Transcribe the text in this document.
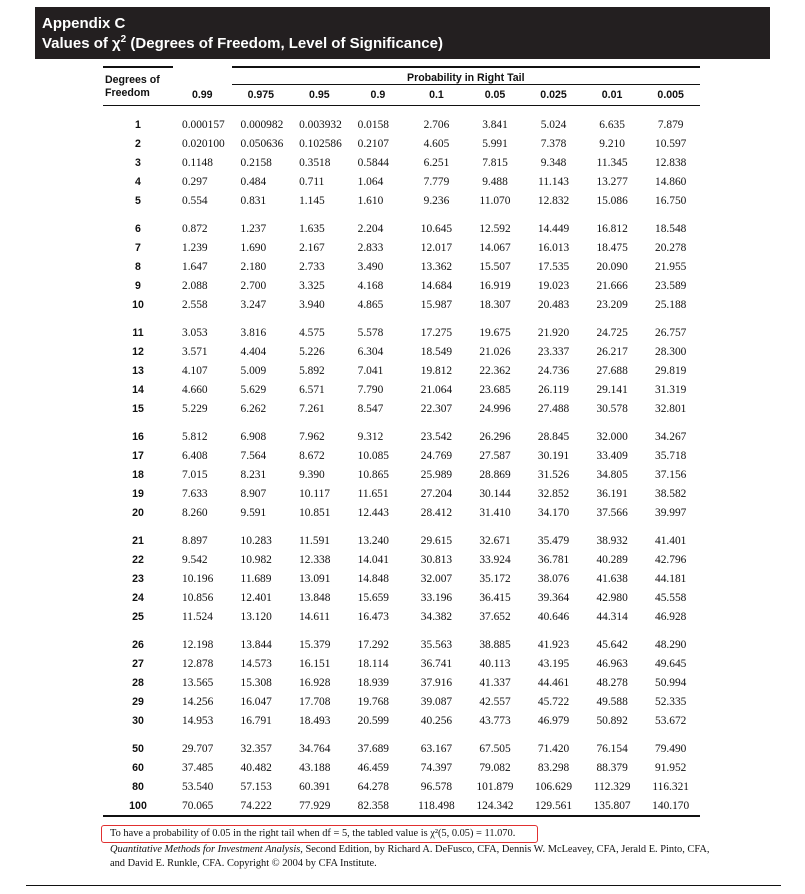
Appendix C
Values of $\chi^2$ (Degrees of Freedom, Level of Significance)
Degrees of
Freedom		Probability in Right Tail							
	0.99	0.975	0.95	0.9	0.1	0.05	0.025	0.01	0.005

1	0.000157	0.000982	0.003932	0.0158	2.706	3.841	5.024	6.635	7.879
2	0.020100	0.050636	0.102586	0.2107	4.605	5.991	7.378	9.210	10.597
3	0.1148	0.2158	0.3518	0.5844	6.251	7.815	9.348	11.345	12.838
4	0.297	0.484	0.711	1.064	7.779	9.488	11.143	13.277	14.860
5	0.554	0.831	1.145	1.610	9.236	11.070	12.832	15.086	16.750
6	0.872	1.237	1.635	2.204	10.645	12.592	14.449	16.812	18.548
7	1.239	1.690	2.167	2.833	12.017	14.067	16.013	18.475	20.278
8	1.647	2.180	2.733	3.490	13.362	15.507	17.535	20.090	21.955
9	2.088	2.700	3.325	4.168	14.684	16.919	19.023	21.666	23.589
10	2.558	3.247	3.940	4.865	15.987	18.307	20.483	23.209	25.188
11	3.053	3.816	4.575	5.578	17.275	19.675	21.920	24.725	26.757
12	3.571	4.404	5.226	6.304	18.549	21.026	23.337	26.217	28.300
13	4.107	5.009	5.892	7.041	19.812	22.362	24.736	27.688	29.819
14	4.660	5.629	6.571	7.790	21.064	23.685	26.119	29.141	31.319
15	5.229	6.262	7.261	8.547	22.307	24.996	27.488	30.578	32.801
16	5.812	6.908	7.962	9.312	23.542	26.296	28.845	32.000	34.267
17	6.408	7.564	8.672	10.085	24.769	27.587	30.191	33.409	35.718
18	7.015	8.231	9.390	10.865	25.989	28.869	31.526	34.805	37.156
19	7.633	8.907	10.117	11.651	27.204	30.144	32.852	36.191	38.582
20	8.260	9.591	10.851	12.443	28.412	31.410	34.170	37.566	39.997
21	8.897	10.283	11.591	13.240	29.615	32.671	35.479	38.932	41.401
22	9.542	10.982	12.338	14.041	30.813	33.924	36.781	40.289	42.796
23	10.196	11.689	13.091	14.848	32.007	35.172	38.076	41.638	44.181
24	10.856	12.401	13.848	15.659	33.196	36.415	39.364	42.980	45.558
25	11.524	13.120	14.611	16.473	34.382	37.652	40.646	44.314	46.928
26	12.198	13.844	15.379	17.292	35.563	38.885	41.923	45.642	48.290
27	12.878	14.573	16.151	18.114	36.741	40.113	43.195	46.963	49.645
28	13.565	15.308	16.928	18.939	37.916	41.337	44.461	48.278	50.994
29	14.256	16.047	17.708	19.768	39.087	42.557	45.722	49.588	52.335
30	14.953	16.791	18.493	20.599	40.256	43.773	46.979	50.892	53.672
50	29.707	32.357	34.764	37.689	63.167	67.505	71.420	76.154	79.490
60	37.485	40.482	43.188	46.459	74.397	79.082	83.298	88.379	91.952
80	53.540	57.153	60.391	64.278	96.578	101.879	106.629	112.329	116.321
100	70.065	74.222	77.929	82.358	118.498	124.342	129.561	135.807	140.170

To have a probability of 0.05 in the right tail when df = 5, the tabled value is χ²(5, 0.05) = 11.070.
Quantitative Methods for Investment Analysis, Second Edition, by Richard A. DeFusco, CFA, Dennis W. McLeavey, CFA, Jerald E. Pinto, CFA, and David E. Runkle, CFA. Copyright © 2004 by CFA Institute.
